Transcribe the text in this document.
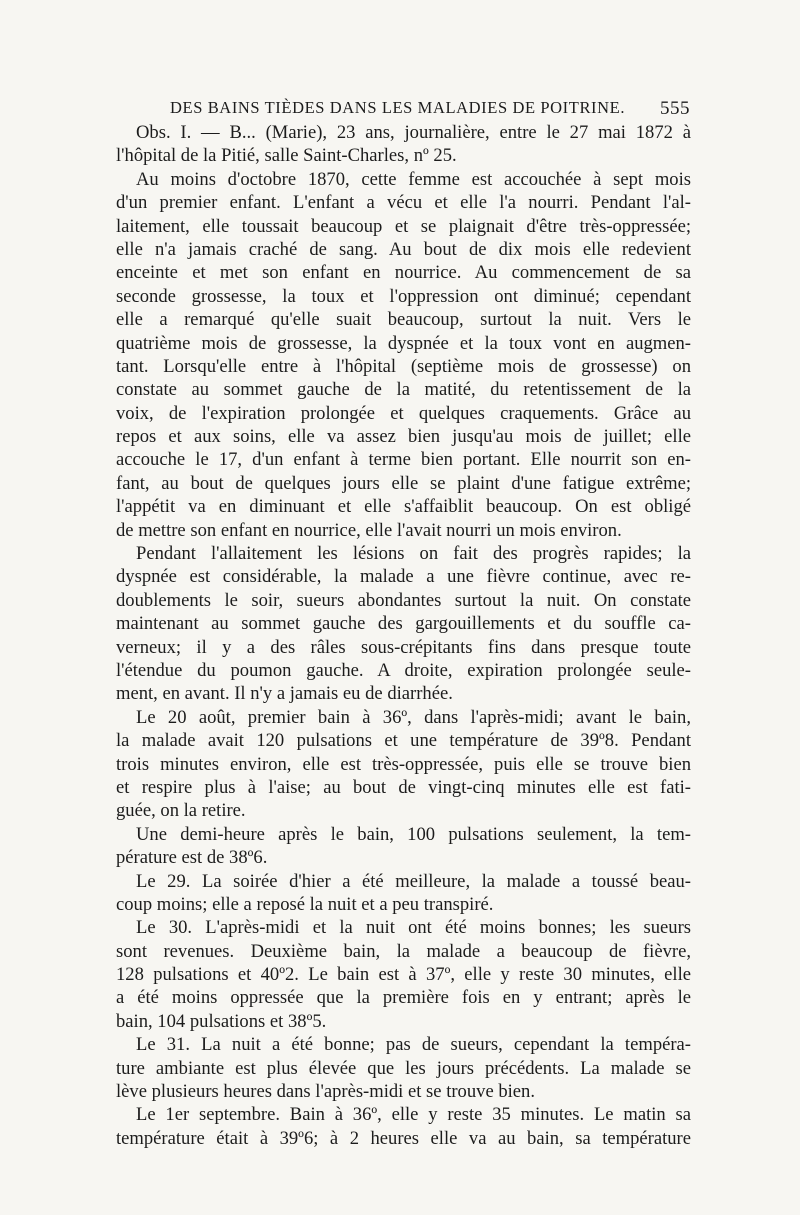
DES BAINS TIÈDES DANS LES MALADIES DE POITRINE. 555
Obs. I. — B... (Marie), 23 ans, journalière, entre le 27 mai 1872 à
l'hôpital de la Pitié, salle Saint-Charles, nº 25.
Au moins d'octobre 1870, cette femme est accouchée à sept mois
d'un premier enfant. L'enfant a vécu et elle l'a nourri. Pendant l'al-
laitement, elle toussait beaucoup et se plaignait d'être très-oppressée;
elle n'a jamais craché de sang. Au bout de dix mois elle redevient
enceinte et met son enfant en nourrice. Au commencement de sa
seconde grossesse, la toux et l'oppression ont diminué; cependant
elle a remarqué qu'elle suait beaucoup, surtout la nuit. Vers le
quatrième mois de grossesse, la dyspnée et la toux vont en augmen-
tant. Lorsqu'elle entre à l'hôpital (septième mois de grossesse) on
constate au sommet gauche de la matité, du retentissement de la
voix, de l'expiration prolongée et quelques craquements. Grâce au
repos et aux soins, elle va assez bien jusqu'au mois de juillet; elle
accouche le 17, d'un enfant à terme bien portant. Elle nourrit son en-
fant, au bout de quelques jours elle se plaint d'une fatigue extrême;
l'appétit va en diminuant et elle s'affaiblit beaucoup. On est obligé
de mettre son enfant en nourrice, elle l'avait nourri un mois environ.
Pendant l'allaitement les lésions on fait des progrès rapides; la
dyspnée est considérable, la malade a une fièvre continue, avec re-
doublements le soir, sueurs abondantes surtout la nuit. On constate
maintenant au sommet gauche des gargouillements et du souffle ca-
verneux; il y a des râles sous-crépitants fins dans presque toute
l'étendue du poumon gauche. A droite, expiration prolongée seule-
ment, en avant. Il n'y a jamais eu de diarrhée.
Le 20 août, premier bain à 36º, dans l'après-midi; avant le bain,
la malade avait 120 pulsations et une température de 39º8. Pendant
trois minutes environ, elle est très-oppressée, puis elle se trouve bien
et respire plus à l'aise; au bout de vingt-cinq minutes elle est fati-
guée, on la retire.
Une demi-heure après le bain, 100 pulsations seulement, la tem-
pérature est de 38º6.
Le 29. La soirée d'hier a été meilleure, la malade a toussé beau-
coup moins; elle a reposé la nuit et a peu transpiré.
Le 30. L'après-midi et la nuit ont été moins bonnes; les sueurs
sont revenues. Deuxième bain, la malade a beaucoup de fièvre,
128 pulsations et 40º2. Le bain est à 37º, elle y reste 30 minutes, elle
a été moins oppressée que la première fois en y entrant; après le
bain, 104 pulsations et 38º5.
Le 31. La nuit a été bonne; pas de sueurs, cependant la tempéra-
ture ambiante est plus élevée que les jours précédents. La malade se
lève plusieurs heures dans l'après-midi et se trouve bien.
Le 1er septembre. Bain à 36º, elle y reste 35 minutes. Le matin sa
température était à 39º6; à 2 heures elle va au bain, sa température
